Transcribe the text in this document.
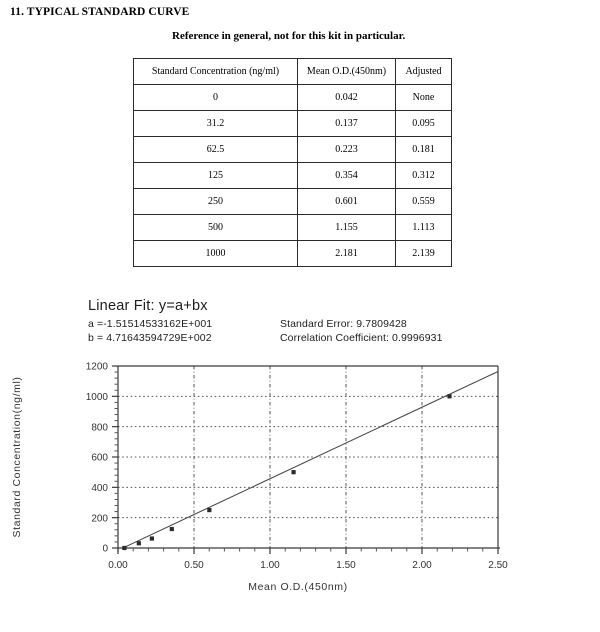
11. TYPICAL STANDARD CURVE
Reference in general, not for this kit in particular.
Standard Concentration (ng/ml)	Mean O.D.(450nm)	Adjusted
0	0.042	None
31.2	0.137	0.095
62.5	0.223	0.181
125	0.354	0.312
250	0.601	0.559
500	1.155	1.113
1000	2.181	2.139
Linear Fit: y=a+bx
a =-1.51514533162E+001	Standard Error: 9.7809428
b = 4.71643594729E+002	Correlation Coefficient: 0.9996931
0
200
400
600
800
1000
1200
0.00	0.50	1.00	1.50	2.00	2.50
Mean O.D.(450nm)
Standard Concentration(ng/ml)
